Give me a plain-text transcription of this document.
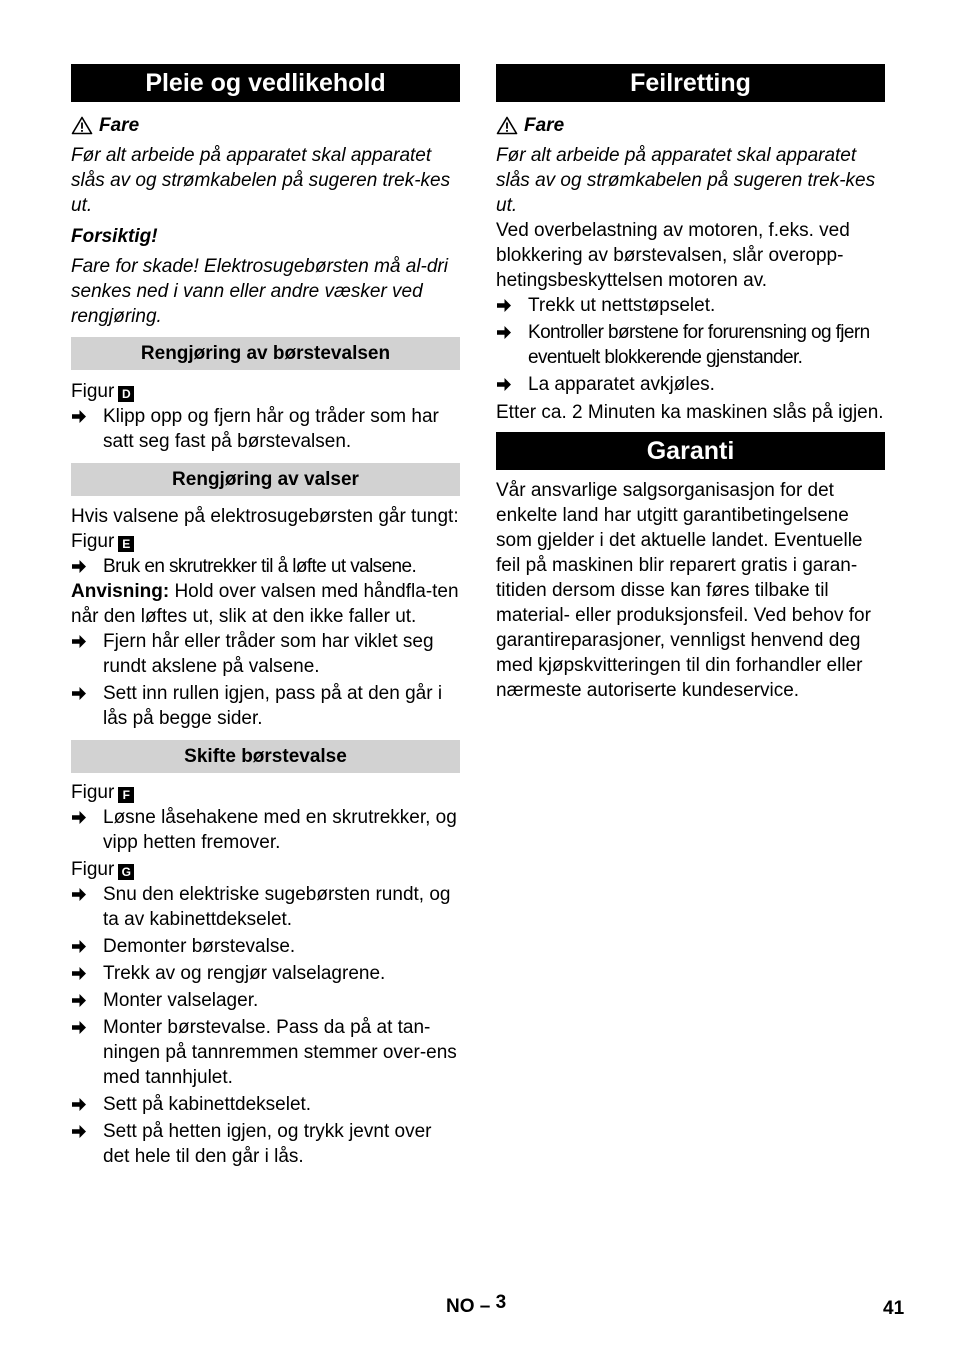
Pleie og vedlikehold

Fare

Før alt arbeide på apparatet skal apparatet slås av og strømkabelen på sugeren trek-kes ut.

Forsiktig!

Fare for skade! Elektrosugebørsten må al-dri senkes ned i vann eller andre væsker ved rengjøring.

Rengjøring av børstevalsen

Figur D

Klipp opp og fjern hår og tråder som har satt seg fast på børstevalsen.
Rengjøring av valser

Hvis valsene på elektrosugebørsten går tungt:

Figur E

Bruk en skrutrekker til å løfte ut valsene.

Anvisning: Hold over valsen med håndfla-ten når den løftes ut, slik at den ikke faller ut.

Fjern hår eller tråder som har viklet seg rundt akslene på valsene.
Sett inn rullen igjen, pass på at den går i lås på begge sider.
Skifte børstevalse

Figur F

Løsne låsehakene med en skrutrekker, og vipp hetten fremover.

Figur G

Snu den elektriske sugebørsten rundt, og ta av kabinettdekselet.
Demonter børstevalse.
Trekk av og rengjør valselagrene.
Monter valselager.
Monter børstevalse. Pass da på at tan-ningen på tannremmen stemmer over-ens med tannhjulet.
Sett på kabinettdekselet.
Sett på hetten igjen, og trykk jevnt over det hele til den går i lås.
Feilretting

Fare

Før alt arbeide på apparatet skal apparatet slås av og strømkabelen på sugeren trek-kes ut.

Ved overbelastning av motoren, f.eks. ved blokkering av børstevalsen, slår overopp-hetingsbeskyttelsen motoren av.

Trekk ut nettstøpselet.
Kontroller børstene for forurensning og fjern eventuelt blokkerende gjenstander.
La apparatet avkjøles.

Etter ca. 2 Minuten ka maskinen slås på igjen.

Garanti

Vår ansvarlige salgsorganisasjon for det enkelte land har utgitt garantibetingelsene som gjelder i det aktuelle landet. Eventuelle feil på maskinen blir reparert gratis i garan-titiden dersom disse kan føres tilbake til material- eller produksjonsfeil. Ved behov for garantireparasjoner, vennligst henvend deg med kjøpskvitteringen til din forhandler eller nærmeste autoriserte kundeservice.

NO – 3	41
